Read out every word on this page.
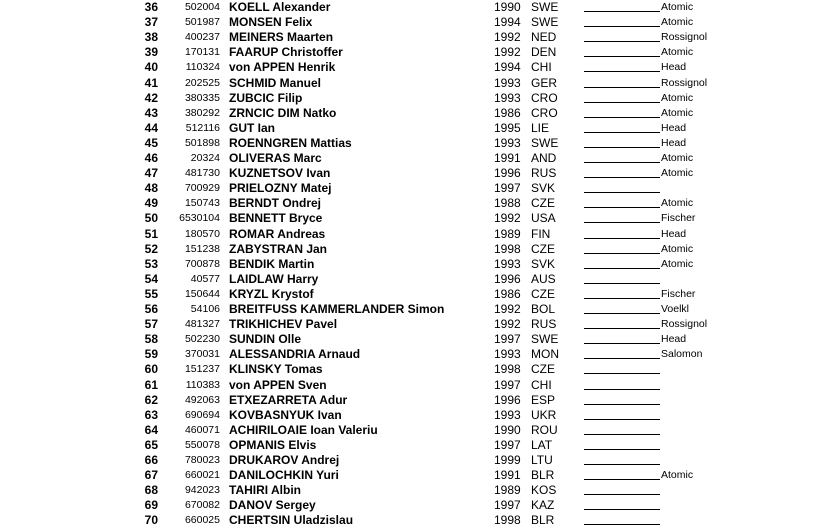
36	502004 KOELL Alexander	1990 SWE	Atomic
37	501987 MONSEN Felix	1994 SWE	Atomic
38	400237 MEINERS Maarten	1992 NED	Rossignol
39	170131 FAARUP Christoffer	1992 DEN	Atomic
40	110324 von APPEN Henrik	1994 CHI	Head
41	202525 SCHMID Manuel	1993 GER	Rossignol
42	380335 ZUBCIC Filip	1993 CRO	Atomic
43	380292 ZRNCIC DIM Natko	1986 CRO	Atomic
44	512116 GUT Ian	1995 LIE	Head
45	501898 ROENNGREN Mattias	1993 SWE	Head
46	20324 OLIVERAS Marc	1991 AND	Atomic
47	481730 KUZNETSOV Ivan	1996 RUS	Atomic
48	700929 PRIELOZNY Matej	1997 SVK
49	150743 BERNDT Ondrej	1988 CZE	Atomic
50	6530104 BENNETT Bryce	1992 USA	Fischer
51	180570 ROMAR Andreas	1989 FIN	Head
52	151238 ZABYSTRAN Jan	1998 CZE	Atomic
53	700878 BENDIK Martin	1993 SVK	Atomic
54	40577 LAIDLAW Harry	1996 AUS
55	150644 KRYZL Krystof	1986 CZE	Fischer
56	54106 BREITFUSS KAMMERLANDER Simon	1992 BOL	Voelkl
57	481327 TRIKHICHEV Pavel	1992 RUS	Rossignol
58	502230 SUNDIN Olle	1997 SWE	Head
59	370031 ALESSANDRIA Arnaud	1993 MON	Salomon
60	151237 KLINSKY Tomas	1998 CZE
61	110383 von APPEN Sven	1997 CHI
62	492063 ETXEZARRETA Adur	1996 ESP
63	690694 KOVBASNYUK Ivan	1993 UKR
64	460071 ACHIRILOAIE Ioan Valeriu	1990 ROU
65	550078 OPMANIS Elvis	1997 LAT
66	780023 DRUKAROV Andrej	1999 LTU
67	660021 DANILOCHKIN Yuri	1991 BLR	Atomic
68	942023 TAHIRI Albin	1989 KOS
69	670082 DANOV Sergey	1997 KAZ
70	660025 CHERTSIN Uladzislau	1998 BLR
